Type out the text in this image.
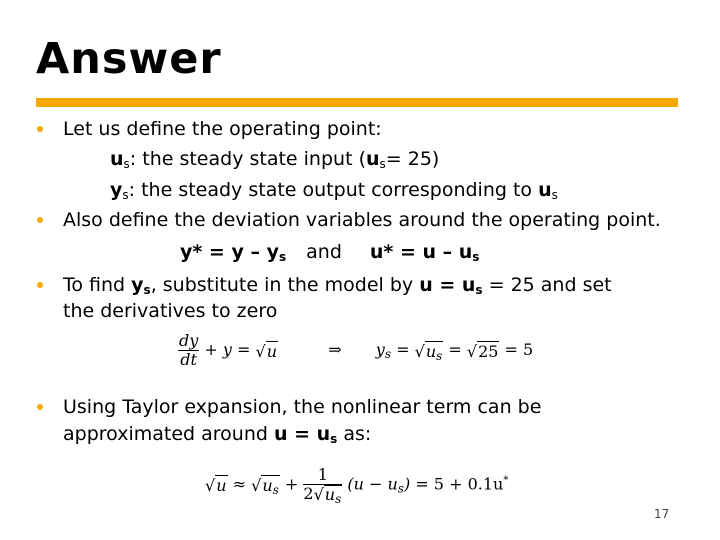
Answer
Let us define the operating point:
$u_s$: the steady state input $(u_s= 25)$
$y_s$: the steady state output corresponding to $u_s$
Also define the deviation variables around the operating point.
$y* = y - y_s$ and $u* = u - u_s$
To find $y_s$, substitute in the model by $u = u_s = 25$ and set
the derivatives to zero
$\frac{dy}{dt} + y = √u$	⇒ $y_s = √u_s = √25 = 5$
Using Taylor expansion, the nonlinear term can be
approximated around $u = u_s$ as:
$√u \approx √u_s + \frac{1}{2√u_s} (u - u_s) = 5 + 0.1u^*$
17
